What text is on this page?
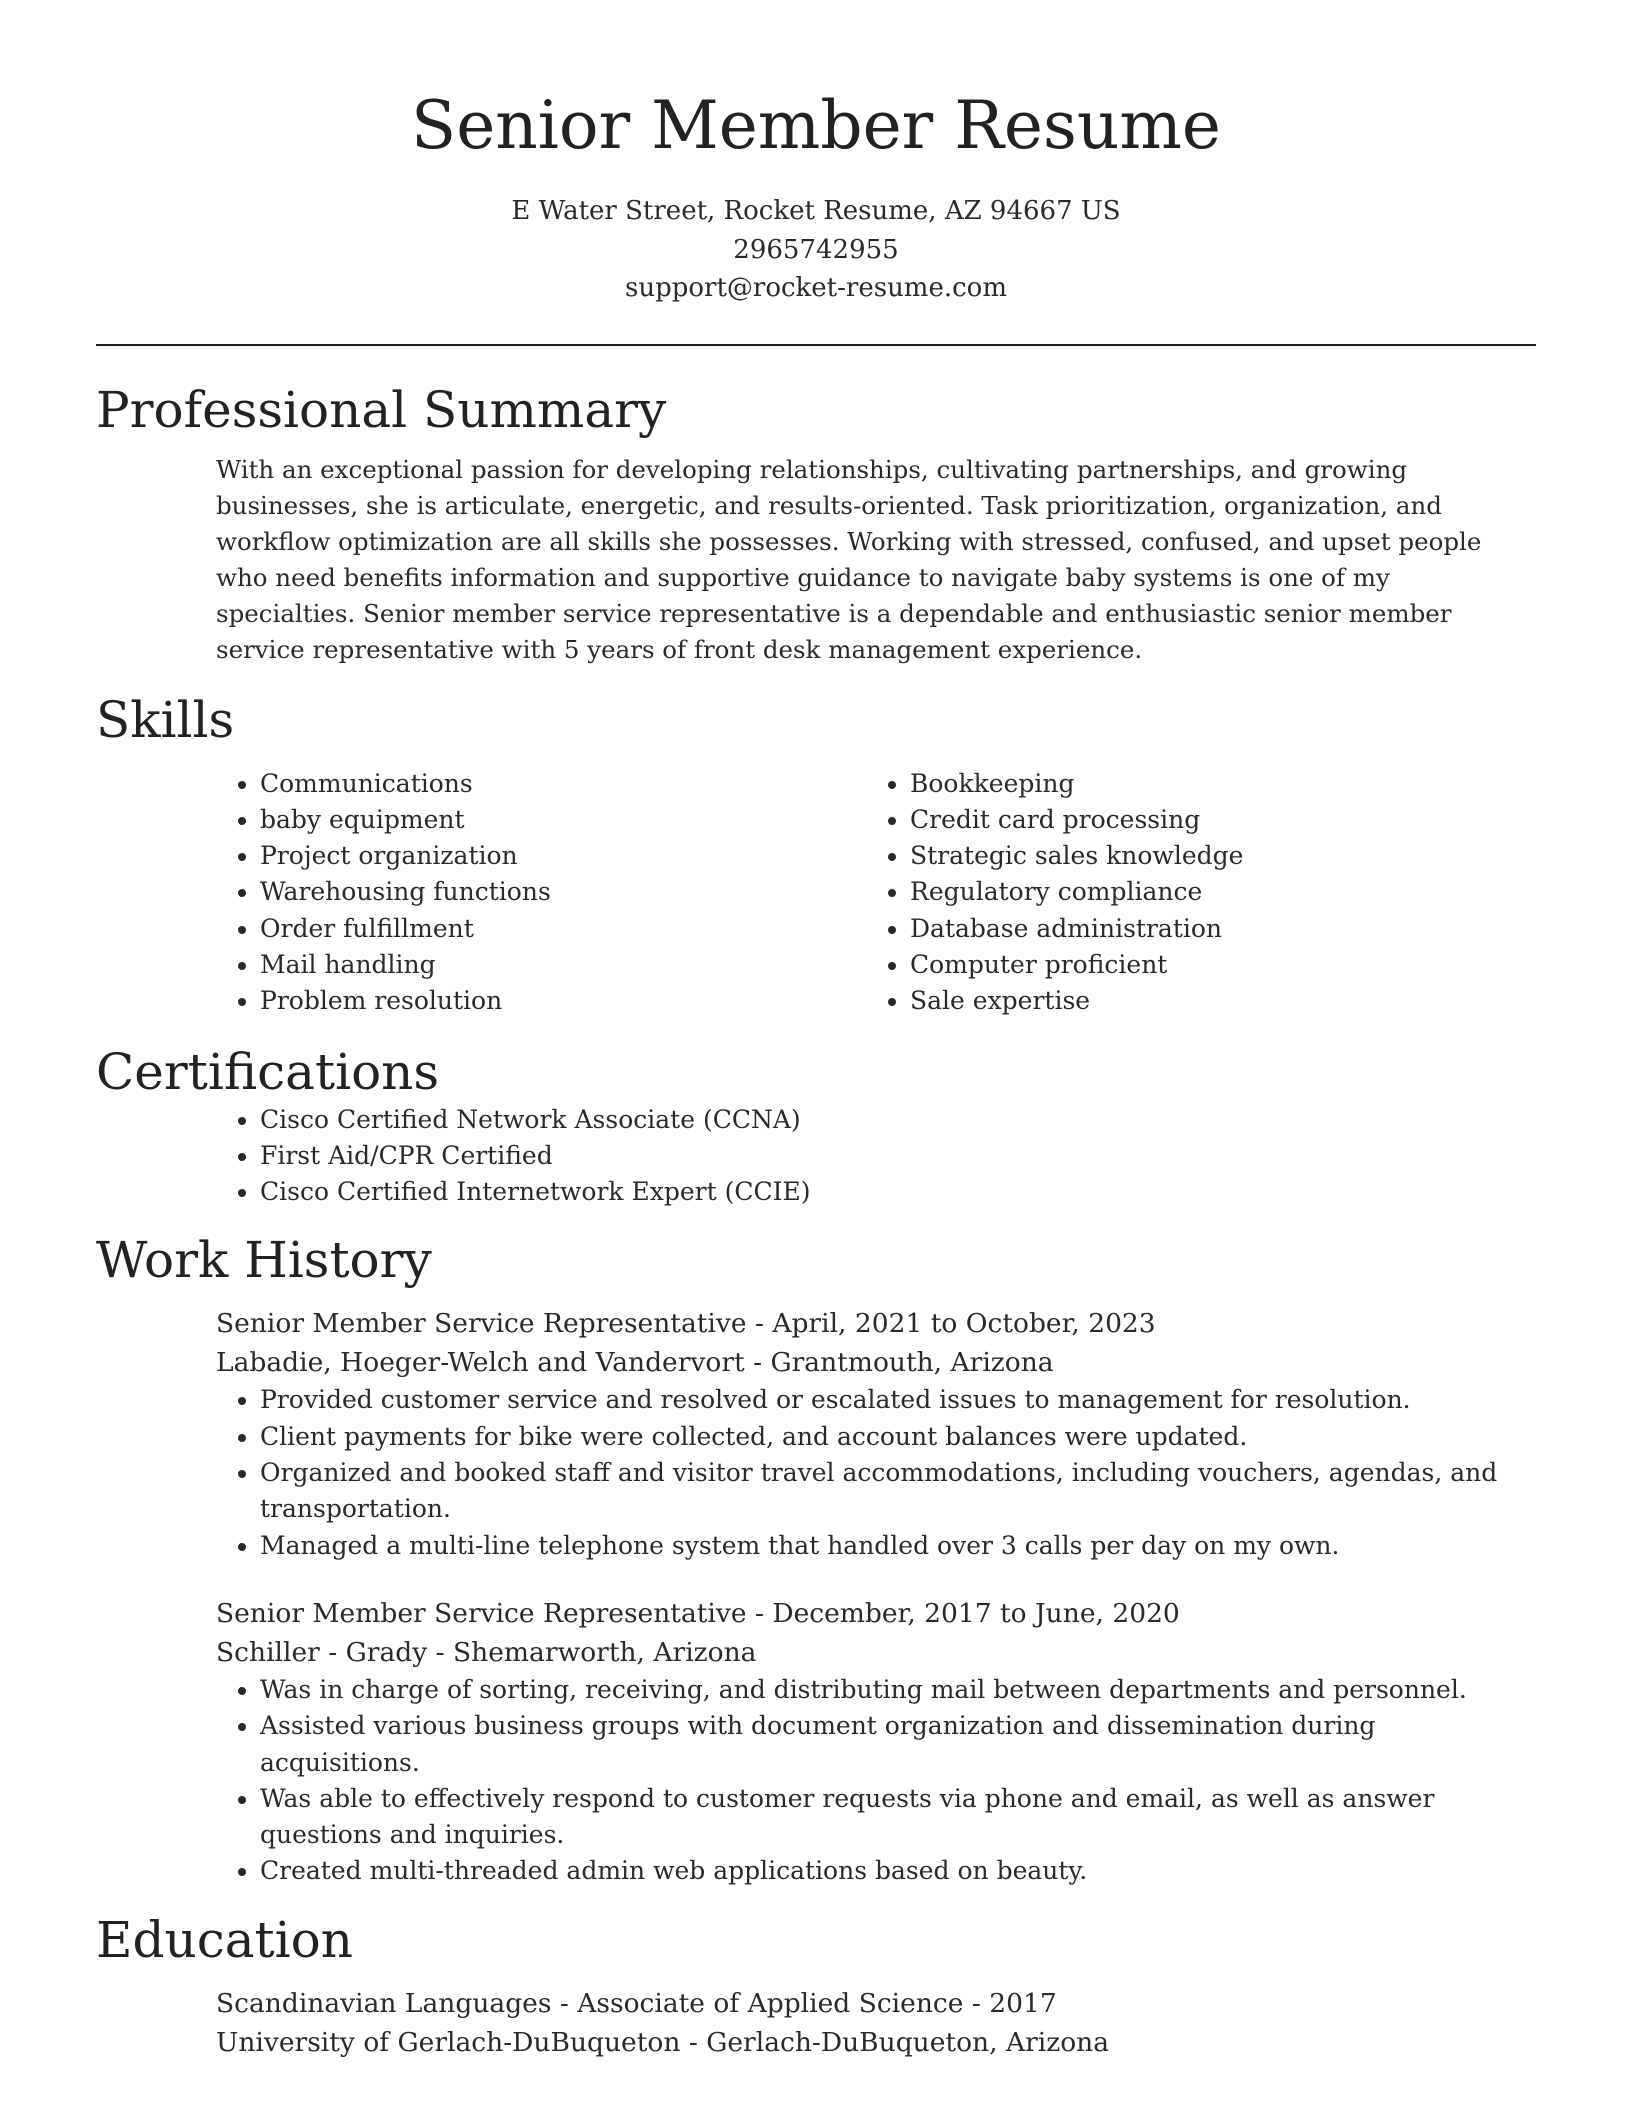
Senior Member Resume
E Water Street, Rocket Resume, AZ 94667 US
2965742955
support@rocket-resume.com
Professional Summary

With an exceptional passion for developing relationships, cultivating partnerships, and growing businesses, she is articulate, energetic, and results-oriented. Task prioritization, organization, and workflow optimization are all skills she possesses. Working with stressed, confused, and upset people who need benefits information and supportive guidance to navigate baby systems is one of my specialties. Senior member service representative is a dependable and enthusiastic senior member service representative with 5 years of front desk management experience.

Skills
• Communications
• baby equipment
• Project organization
• Warehousing functions
• Order fulfillment
• Mail handling
• Problem resolution
• Bookkeeping
• Credit card processing
• Strategic sales knowledge
• Regulatory compliance
• Database administration
• Computer proficient
• Sale expertise
Certifications
• Cisco Certified Network Associate (CCNA)
• First Aid/CPR Certified
• Cisco Certified Internetwork Expert (CCIE)
Work History
Senior Member Service Representative - April, 2021 to October, 2023
Labadie, Hoeger-Welch and Vandervort - Grantmouth, Arizona
• Provided customer service and resolved or escalated issues to management for resolution.
• Client payments for bike were collected, and account balances were updated.
• Organized and booked staff and visitor travel accommodations, including vouchers, agendas, and transportation.
• Managed a multi-line telephone system that handled over 3 calls per day on my own.
Senior Member Service Representative - December, 2017 to June, 2020
Schiller - Grady - Shemarworth, Arizona
• Was in charge of sorting, receiving, and distributing mail between departments and personnel.
• Assisted various business groups with document organization and dissemination during acquisitions.
• Was able to effectively respond to customer requests via phone and email, as well as answer questions and inquiries.
• Created multi-threaded admin web applications based on beauty.
Education
Scandinavian Languages - Associate of Applied Science - 2017
University of Gerlach-DuBuqueton - Gerlach-DuBuqueton, Arizona
